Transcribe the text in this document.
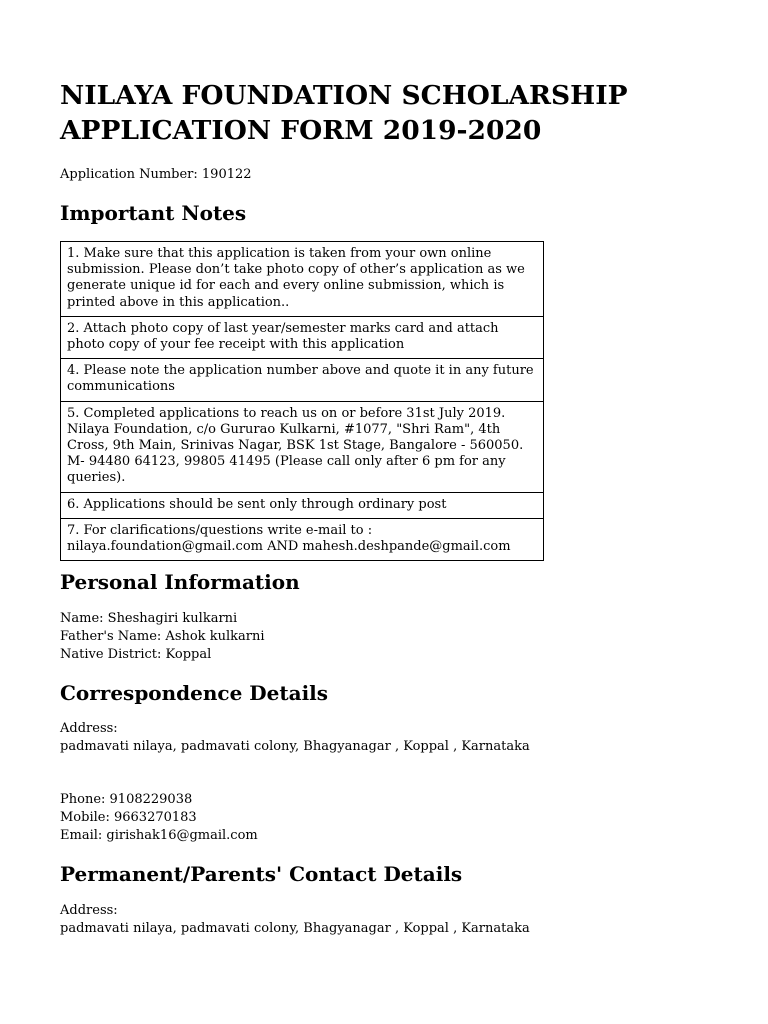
NILAYA FOUNDATION SCHOLARSHIP
APPLICATION FORM 2019-2020
Application Number: 190122
Important Notes
1. Make sure that this application is taken from your own online submission. Please don’t take photo copy of other’s application as we generate unique id for each and every online submission, which is printed above in this application..
2. Attach photo copy of last year/semester marks card and attach photo copy of your fee receipt with this application
4. Please note the application number above and quote it in any future communications
5. Completed applications to reach us on or before 31st July 2019. Nilaya Foundation, c/o Gururao Kulkarni, #1077, "Shri Ram", 4th Cross, 9th Main, Srinivas Nagar, BSK 1st Stage, Bangalore - 560050. M- 94480 64123, 99805 41495 (Please call only after 6 pm for any queries).
6. Applications should be sent only through ordinary post
7. For clarifications/questions write e-mail to : nilaya.foundation@gmail.com AND mahesh.deshpande@gmail.com
Personal Information
Name: Sheshagiri kulkarni
Father's Name: Ashok kulkarni
Native District: Koppal
Correspondence Details
Address:
padmavati nilaya, padmavati colony, Bhagyanagar , Koppal , Karnataka
Phone: 9108229038
Mobile: 9663270183
Email: girishak16@gmail.com
Permanent/Parents' Contact Details
Address:
padmavati nilaya, padmavati colony, Bhagyanagar , Koppal , Karnataka
